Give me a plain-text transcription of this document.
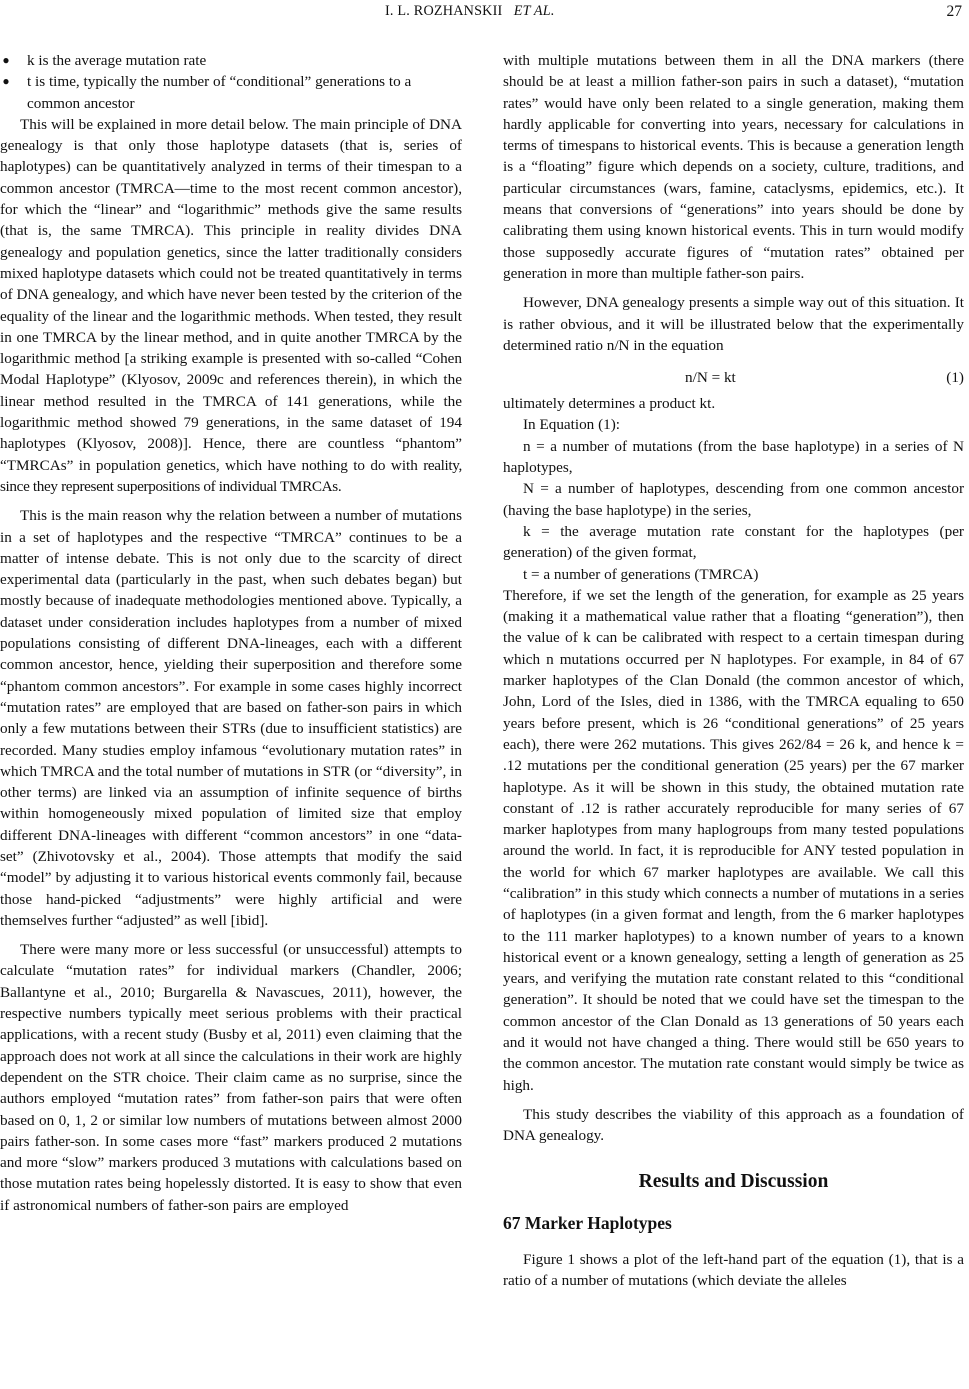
I. L. ROZHANSKII ET AL.	27
● k is the average mutation rate
● t is time, typically the number of “conditional” generations to a common ancestor

This will be explained in more detail below. The main principle of DNA genealogy is that only those haplotype datasets (that is, series of haplotypes) can be quantitatively analyzed in terms of their timespan to a common ancestor (TMRCA—time to the most recent common ancestor), for which the “linear” and “logarithmic” methods give the same results (that is, the same TMRCA). This principle in reality divides DNA genealogy and population genetics, since the latter traditionally considers mixed haplotype datasets which could not be treated quantitatively in terms of DNA genealogy, and which have never been tested by the criterion of the equality of the linear and the logarithmic methods. When tested, they result in one TMRCA by the linear method, and in quite another TMRCA by the logarithmic method [a striking example is presented with so-called “Cohen Modal Haplotype” (Klyosov, 2009c and references therein), in which the linear method resulted in the TMRCA of 141 generations, while the logarithmic method showed 79 generations, in the same dataset of 194 haplotypes (Klyosov, 2008)]. Hence, there are countless “phantom” “TMRCAs” in population genetics, which have nothing to do with reality, since they represent superpositions of individual TMRCAs.

This is the main reason why the relation between a number of mutations in a set of haplotypes and the respective “TMRCA” continues to be a matter of intense debate. This is not only due to the scarcity of direct experimental data (particularly in the past, when such debates began) but mostly because of inadequate methodologies mentioned above. Typically, a dataset under consideration includes haplotypes from a number of mixed populations consisting of different DNA-lineages, each with a different common ancestor, hence, yielding their superposition and therefore some “phantom common ancestors”. For example in some cases highly incorrect “mutation rates” are employed that are based on father-son pairs in which only a few mutations between their STRs (due to insufficient statistics) are recorded. Many studies employ infamous “evolutionary mutation rates” in which TMRCA and the total number of mutations in STR (or “diversity”, in other terms) are linked via an assumption of infinite sequence of births within homogeneously mixed population of limited size that employ different DNA-lineages with different “common ancestors” in one “data-set” (Zhivotovsky et al., 2004). Those attempts that modify the said “model” by adjusting it to various historical events commonly fail, because those hand-picked “adjustments” were highly artificial and were themselves further “adjusted” as well [ibid].

There were many more or less successful (or unsuccessful) attempts to calculate “mutation rates” for individual markers (Chandler, 2006; Ballantyne et al., 2010; Burgarella & Navascues, 2011), however, the respective numbers typically meet serious problems with their practical applications, with a recent study (Busby et al, 2011) even claiming that the approach does not work at all since the calculations in their work are highly dependent on the STR choice. Their claim came as no surprise, since the authors employed “mutation rates” from father-son pairs that were often based on 0, 1, 2 or similar low numbers of mutations between almost 2000 pairs father-son. In some cases more “fast” markers produced 2 mutations and more “slow” markers produced 3 mutations with calculations based on those mutation rates being hopelessly distorted. It is easy to show that even if astronomical numbers of father-son pairs are employed

with multiple mutations between them in all the DNA markers (there should be at least a million father-son pairs in such a dataset), “mutation rates” would have only been related to a single generation, making them hardly applicable for converting into years, necessary for calculations in terms of timespans to historical events. This is because a generation length is a “floating” figure which depends on a society, culture, traditions, and particular circumstances (wars, famine, cataclysms, epidemics, etc.). It means that conversions of “generations” into years should be done by calibrating them using known historical events. This in turn would modify those supposedly accurate figures of “mutation rates” obtained per generation in more than multiple father-son pairs.

However, DNA genealogy presents a simple way out of this situation. It is rather obvious, and it will be illustrated below that the experimentally determined ratio n/N in the equation

n/N = kt	(1)

ultimately determines a product kt.

In Equation (1):

n = a number of mutations (from the base haplotype) in a series of N haplotypes,

N = a number of haplotypes, descending from one common ancestor (having the base haplotype) in the series,

k = the average mutation rate constant for the haplotypes (per generation) of the given format,

t = a number of generations (TMRCA)

Therefore, if we set the length of the generation, for example as 25 years (making it a mathematical value rather that a floating “generation”), then the value of k can be calibrated with respect to a certain timespan during which n mutations occurred per N haplotypes. For example, in 84 of 67 marker haplotypes of the Clan Donald (the common ancestor of which, John, Lord of the Isles, died in 1386, with the TMRCA equaling to 650 years before present, which is 26 “conditional generations” of 25 years each), there were 262 mutations. This gives 262/84 = 26 k, and hence k = .12 mutations per the conditional generation (25 years) per the 67 marker haplotype. As it will be shown in this study, the obtained mutation rate constant of .12 is rather accurately reproducible for many series of 67 marker haplotypes from many haplogroups from many tested populations around the world. In fact, it is reproducible for ANY tested population in the world for which 67 marker haplotypes are available. We call this “calibration” in this study which connects a number of mutations in a series of haplotypes (in a given format and length, from the 6 marker haplotypes to the 111 marker haplotypes) to a known number of years to a known historical event or a known genealogy, setting a length of generation as 25 years, and verifying the mutation rate constant related to this “conditional generation”. It should be noted that we could have set the timespan to the common ancestor of the Clan Donald as 13 generations of 50 years each and it would not have changed a thing. There would still be 650 years to the common ancestor. The mutation rate constant would simply be twice as high.

This study describes the viability of this approach as a foundation of DNA genealogy.

Results and Discussion
67 Marker Haplotypes

Figure 1 shows a plot of the left-hand part of the equation (1), that is a ratio of a number of mutations (which deviate the alleles
